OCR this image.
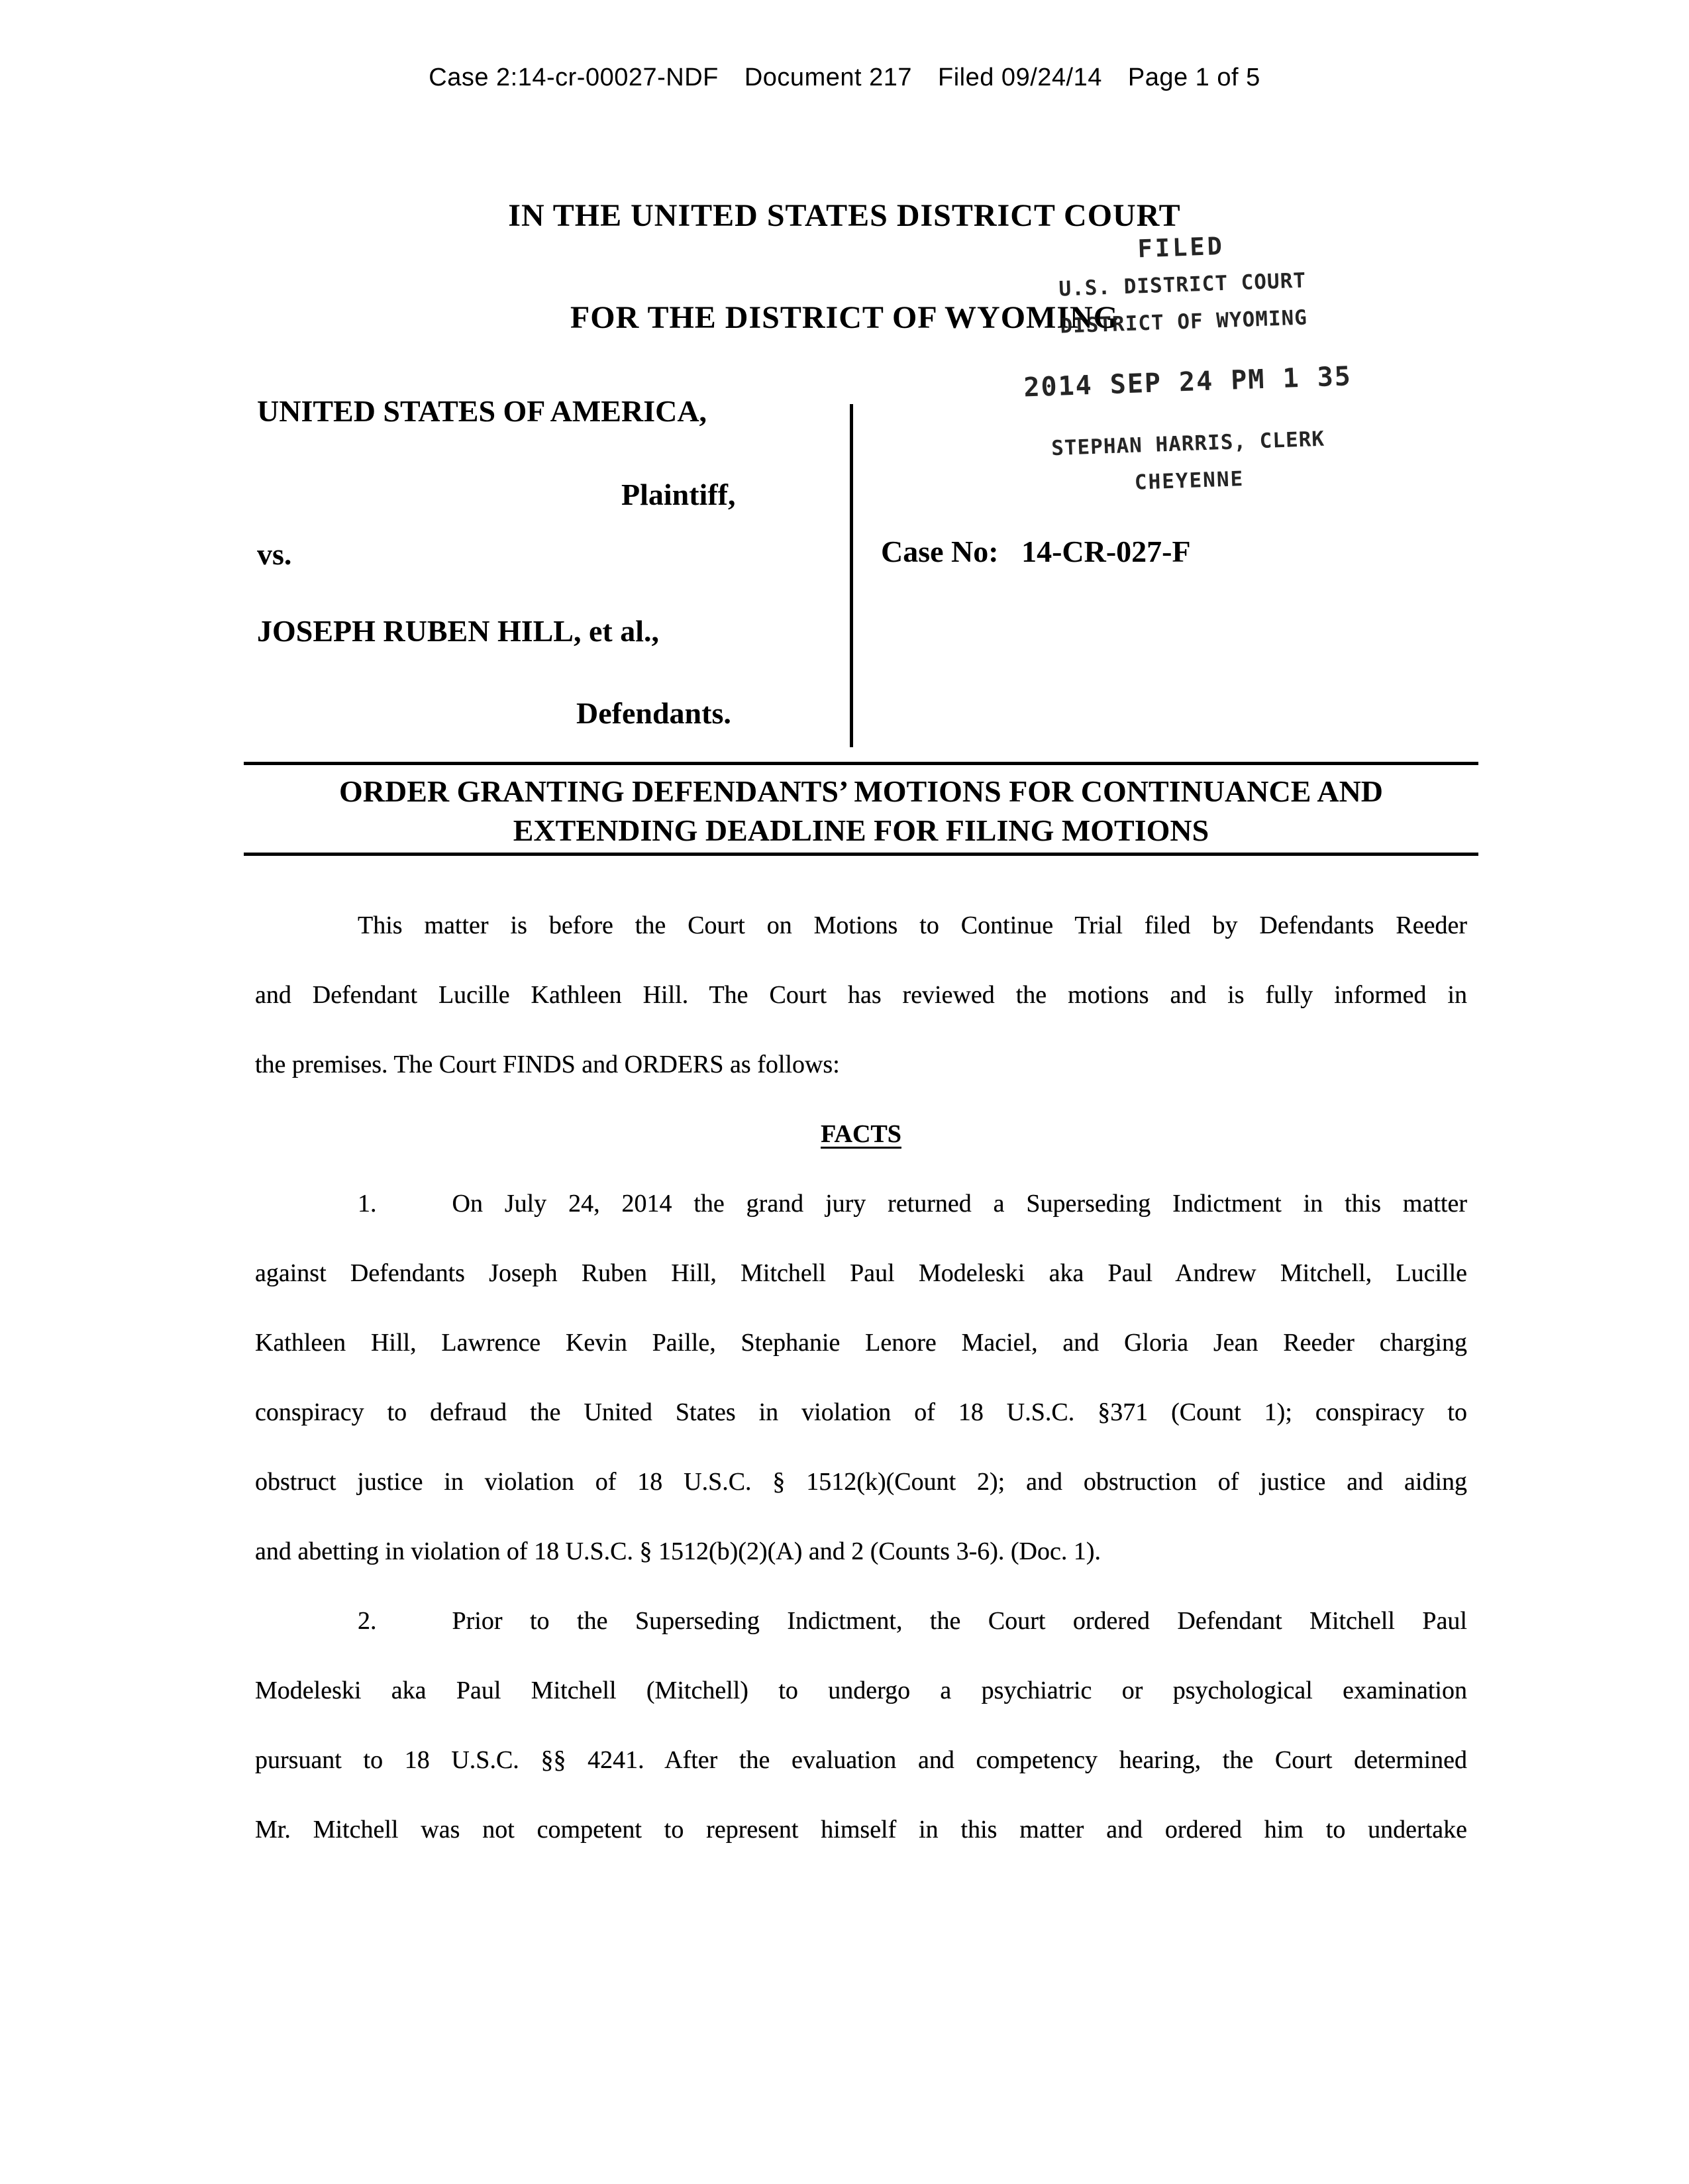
Case 2:14-cr-00027-NDF  Document 217  Filed 09/24/14  Page 1 of 5
IN THE UNITED STATES DISTRICT COURT
FOR THE DISTRICT OF WYOMING
FILED
U.S. DISTRICT COURT
DISTRICT OF WYOMING
2014 SEP 24 PM 1 35
STEPHAN HARRIS, CLERK
CHEYENNE
UNITED STATES OF AMERICA,
Plaintiff,
vs.
JOSEPH RUBEN HILL, et al.,
Defendants.
Case No:  14-CR-027-F
ORDER GRANTING DEFENDANTS’ MOTIONS FOR CONTINUANCE AND
EXTENDING DEADLINE FOR FILING MOTIONS
This matter is before the Court on Motions to Continue Trial filed by Defendants Reeder
and Defendant Lucille Kathleen Hill. The Court has reviewed the motions and is fully informed in
the premises. The Court FINDS and ORDERS as follows:
FACTS
1.   On July 24, 2014 the grand jury returned a Superseding Indictment in this matter
against Defendants Joseph Ruben Hill, Mitchell Paul Modeleski aka Paul Andrew Mitchell, Lucille
Kathleen Hill, Lawrence Kevin Paille, Stephanie Lenore Maciel, and Gloria Jean Reeder charging
conspiracy to defraud the United States in violation of 18 U.S.C. §371 (Count 1); conspiracy to
obstruct justice in violation of 18 U.S.C. § 1512(k)(Count 2); and obstruction of justice and aiding
and abetting in violation of 18 U.S.C. § 1512(b)(2)(A) and 2 (Counts 3-6). (Doc. 1).
2.   Prior to the Superseding Indictment, the Court ordered Defendant Mitchell Paul
Modeleski aka Paul Mitchell (Mitchell) to undergo a psychiatric or psychological examination
pursuant to 18 U.S.C. §§ 4241. After the evaluation and competency hearing, the Court determined
Mr. Mitchell was not competent to represent himself in this matter and ordered him to undertake
